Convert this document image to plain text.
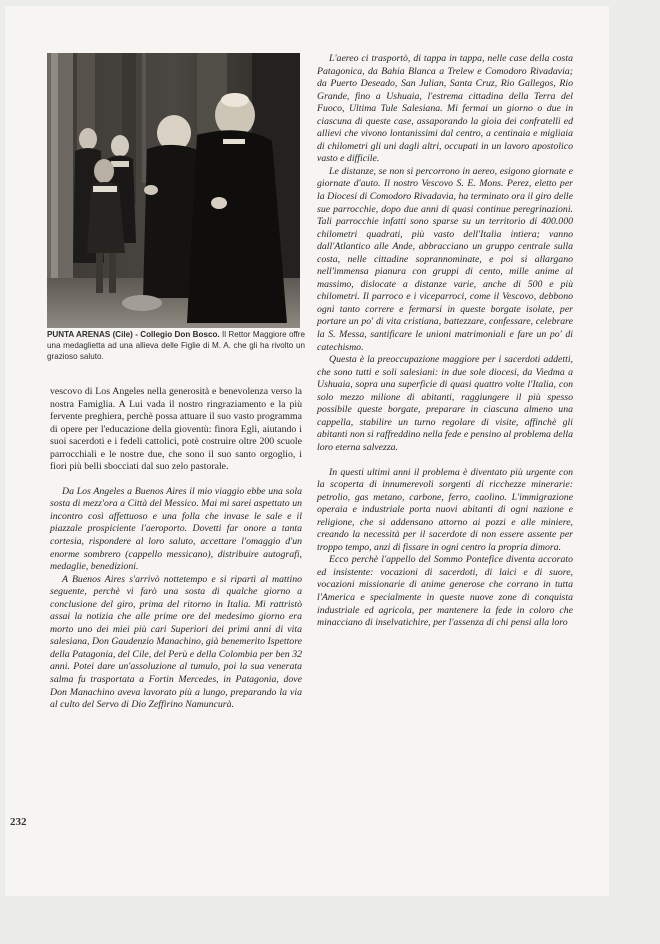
PUNTA ARENAS (Cile) - Collegio Don Bosco. Il Rettor Maggiore offre una medaglietta ad una allieva delle Figlie di M. A. che gli ha rivolto un grazioso saluto.

vescovo di Los Angeles nella generosità e benevolenza verso la nostra Famiglia. A Lui vada il nostro ringraziamento e la più fervente preghiera, perchè possa attuare il suo vasto programma di opere per l'educazione della gioventù: finora Egli, aiutando i suoi sacerdoti e i fedeli cattolici, potè costruire oltre 200 scuole parrocchiali e le nostre due, che sono il suo santo orgoglio, i fiori più belli sbocciati dal suo zelo pastorale.

Da Los Angeles a Buenos Aires il mio viaggio ebbe una sola sosta di mezz'ora a Città del Messico. Mai mi sarei aspettato un incontro così affettuoso e una folla che invase le sale e il piazzale prospiciente l'aeroporto. Dovetti far onore a tanta cortesia, rispondere al loro saluto, accettare l'omaggio d'un enorme sombrero (cappello messicano), distribuire autografi, medaglie, benedizioni.

A Buenos Aires s'arrivò nottetempo e si ripartì al mattino seguente, perchè vi farò una sosta di qualche giorno a conclusione del giro, prima del ritorno in Italia. Mi rattristò assai la notizia che alle prime ore del medesimo giorno era morto uno dei miei più cari Superiori dei primi anni di vita salesiana, Don Gaudenzio Manachino, già benemerito Ispettore della Patagonia, del Cile, del Perù e della Colombia per ben 32 anni. Potei dare un'assoluzione al tumulo, poi la sua venerata salma fu trasportata a Fortin Mercedes, in Patagonia, dove Don Manachino aveva lavorato più a lungo, preparando la via al culto del Servo di Dio Zeffirino Namuncurà.

L'aereo ci trasportò, di tappa in tappa, nelle case della costa Patagonica, da Bahia Blanca a Trelew e Comodoro Rivadavia; da Puerto Deseado, San Julian, Santa Cruz, Rio Gallegos, Rio Grande, fino a Ushuaia, l'estrema cittadina della Terra del Fuoco, Ultima Tule Salesiana. Mi fermai un giorno o due in ciascuna di queste case, assaporando la gioia dei confratelli ed allievi che vivono lontanissimi dal centro, a centinaia e migliaia di chilometri gli uni dagli altri, occupati in un lavoro apostolico vasto e difficile.

Le distanze, se non si percorrono in aereo, esigono giornate e giornate d'auto. Il nostro Vescovo S. E. Mons. Perez, eletto per la Diocesi di Comodoro Rivadavia, ha terminato ora il giro delle sue parrocchie, dopo due anni di quasi continue peregrinazioni. Tali parrocchie infatti sono sparse su un territorio di 400.000 chilometri quadrati, più vasto dell'Italia intiera; vanno dall'Atlantico alle Ande, abbracciano un gruppo centrale sulla costa, nelle cittadine soprannominate, e poi si allargano nell'immensa pianura con gruppi di cento, mille anime al massimo, dislocate a distanze varie, anche di 500 e più chilometri. Il parroco e i viceparroci, come il Vescovo, debbono ogni tanto correre e fermarsi in queste borgate isolate, per portare un po' di vita cristiana, battezzare, confessare, celebrare la S. Messa, santificare le unioni matrimoniali e fare un po' di catechismo.

Questa è la preoccupazione maggiore per i sacerdoti addetti, che sono tutti e soli salesiani: in due sole diocesi, da Viedma a Ushuaia, sopra una superficie di quasi quattro volte l'Italia, con solo mezzo milione di abitanti, raggiungere il più spesso possibile queste borgate, preparare in ciascuna almeno una cappella, stabilire un turno regolare di visite, affinchè gli abitanti non si raffreddino nella fede e pensino al problema della loro eterna salvezza.

In questi ultimi anni il problema è diventato più urgente con la scoperta di innumerevoli sorgenti di ricchezze minerarie: petrolio, gas metano, carbone, ferro, caolino. L'immigrazione operaia e industriale porta nuovi abitanti di ogni nazione e religione, che si addensano attorno ai pozzi e alle miniere, creando la necessità per il sacerdote di non essere assente per troppo tempo, anzi di fissare in ogni centro la propria dimora.

Ecco perchè l'appello del Sommo Pontefice diventa accorato ed insistente: vocazioni di sacerdoti, di laici e di suore, vocazioni missionarie di anime generose che corrano in tutta l'America e specialmente in queste nuove zone di conquista industriale ed agricola, per mantenere la fede in coloro che minacciano di inselvatichire, per l'assenza di chi pensi alla loro

232
